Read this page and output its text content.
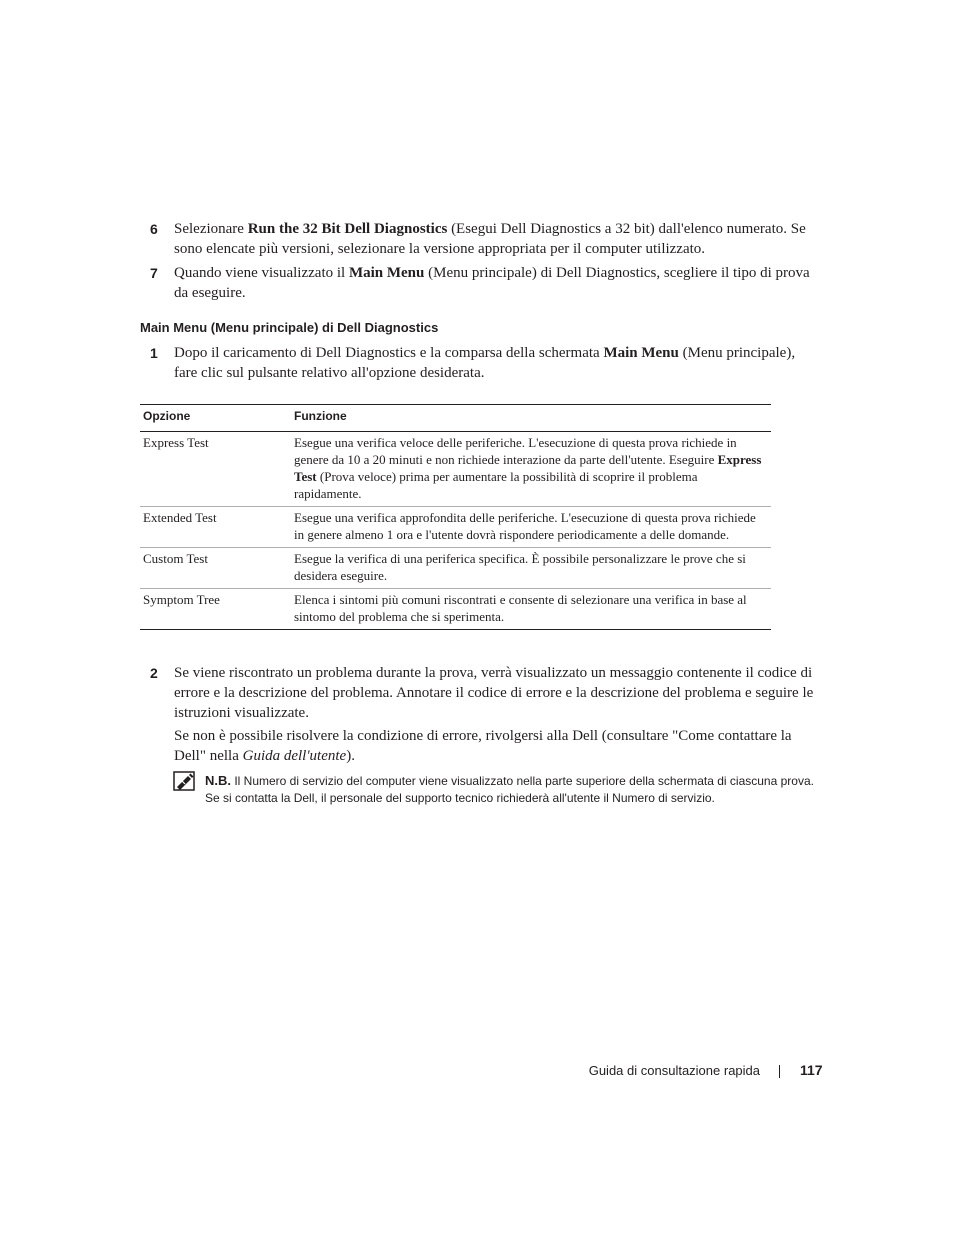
6 Selezionare Run the 32 Bit Dell Diagnostics (Esegui Dell Diagnostics a 32 bit) dall'elenco numerato. Se sono elencate più versioni, selezionare la versione appropriata per il computer utilizzato.
7 Quando viene visualizzato il Main Menu (Menu principale) di Dell Diagnostics, scegliere il tipo di prova da eseguire.
Main Menu (Menu principale) di Dell Diagnostics
1 Dopo il caricamento di Dell Diagnostics e la comparsa della schermata Main Menu (Menu principale), fare clic sul pulsante relativo all'opzione desiderata.
Opzione	Funzione
Express Test	Esegue una verifica veloce delle periferiche. L'esecuzione di questa prova richiede in genere da 10 a 20 minuti e non richiede interazione da parte dell'utente. Eseguire Express Test (Prova veloce) prima per aumentare la possibilità di scoprire il problema rapidamente.
Extended Test	Esegue una verifica approfondita delle periferiche. L'esecuzione di questa prova richiede in genere almeno 1 ora e l'utente dovrà rispondere periodicamente a delle domande.
Custom Test	Esegue la verifica di una periferica specifica. È possibile personalizzare le prove che si desidera eseguire.
Symptom Tree	Elenca i sintomi più comuni riscontrati e consente di selezionare una verifica in base al sintomo del problema che si sperimenta.
2 Se viene riscontrato un problema durante la prova, verrà visualizzato un messaggio contenente il codice di errore e la descrizione del problema. Annotare il codice di errore e la descrizione del problema e seguire le istruzioni visualizzate.
Se non è possibile risolvere la condizione di errore, rivolgersi alla Dell (consultare "Come contattare la Dell" nella Guida dell'utente).
N.B. Il Numero di servizio del computer viene visualizzato nella parte superiore della schermata di ciascuna prova. Se si contatta la Dell, il personale del supporto tecnico richiederà all'utente il Numero di servizio.
Guida di consultazione rapida	117
